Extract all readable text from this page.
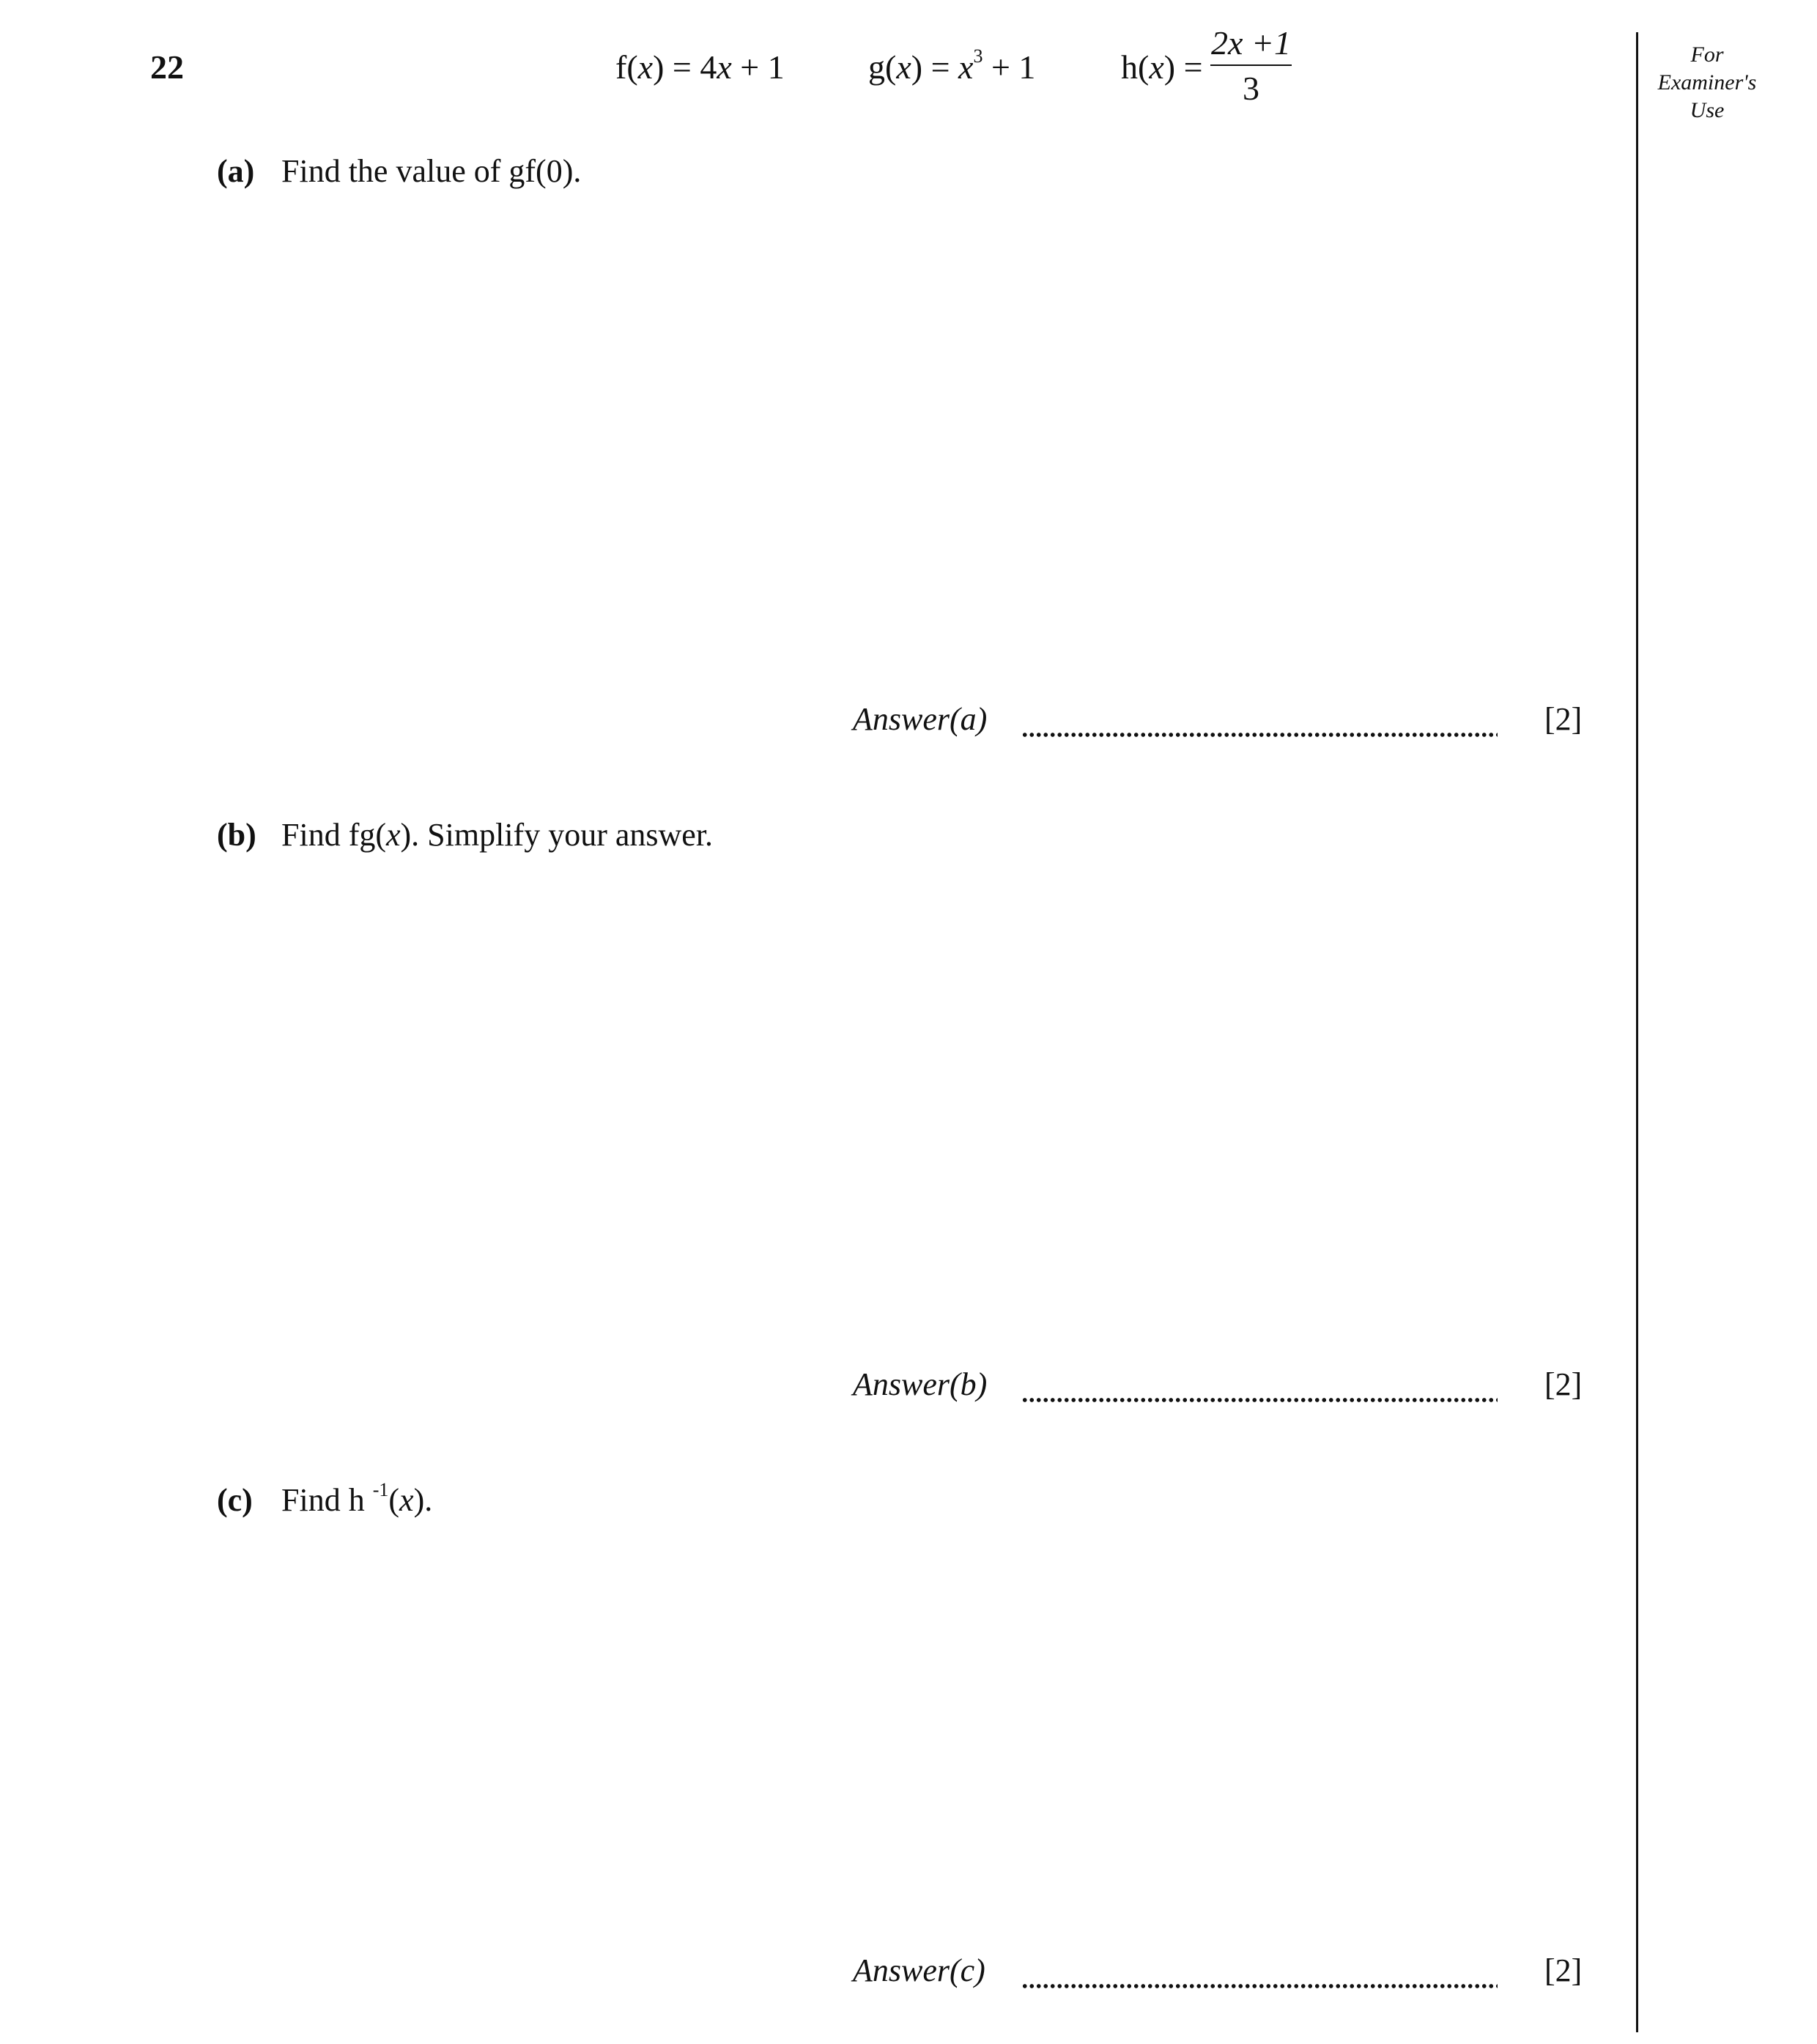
22	f(x) = 4x + 1 $g(x) = x^3 + 1$	h(x) =
2x +1
3
For
Examiner's
Use
(a) Find the value of gf(0).
Answer(a)	[2]
(b) Find fg(x). Simplify your answer.
Answer(b)	[2]
(c) Find h $^{-1}$(x).
Answer(c)	[2]
